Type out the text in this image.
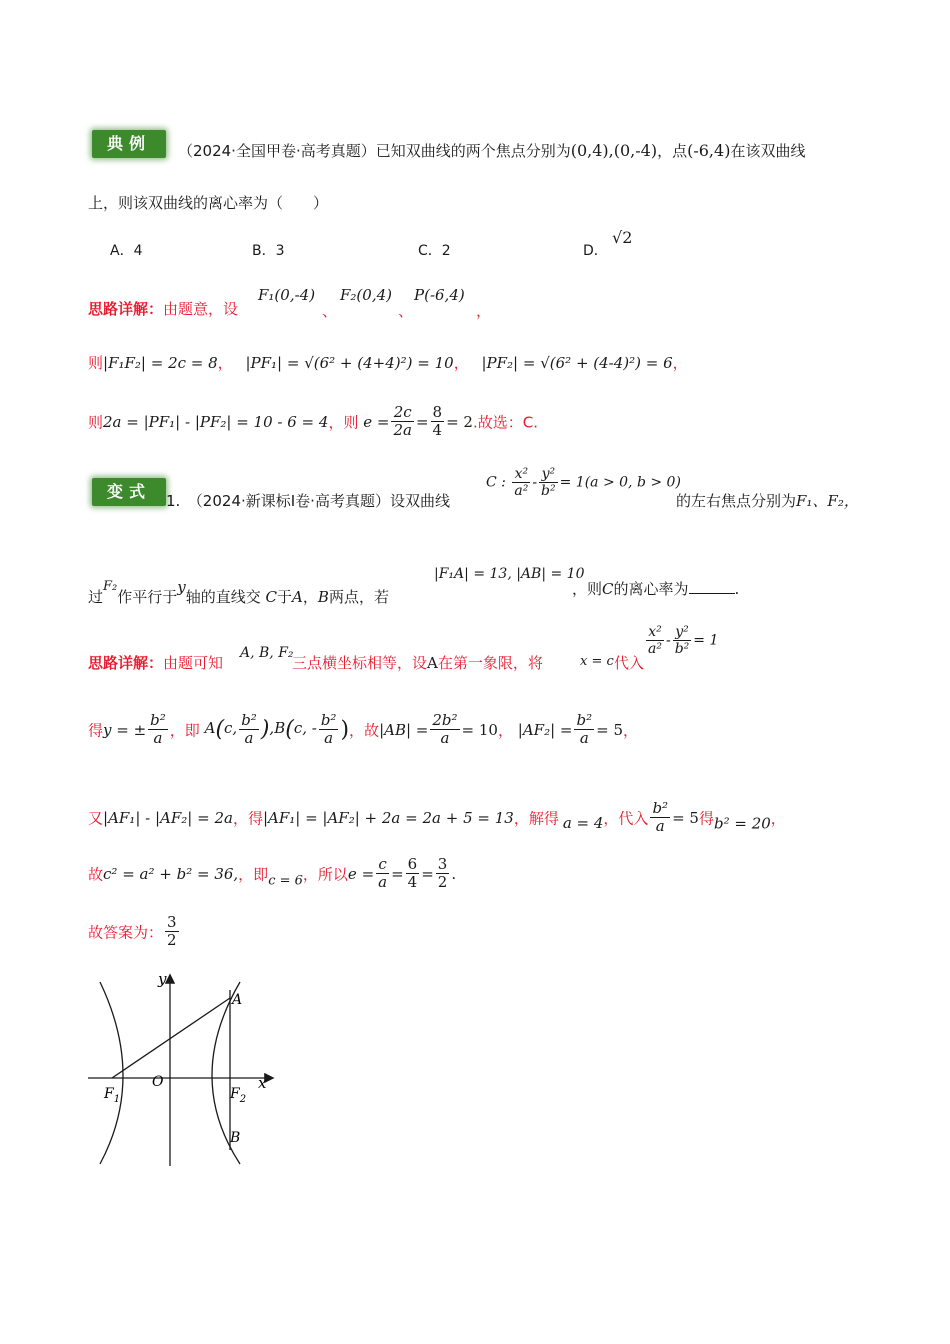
典例	（2024·全国甲卷·高考真题）已知双曲线的两个焦点分别为(0,4),(0,-4)，点(-6,4)在该双曲线
上，则该双曲线的离心率为（　　）
A．4	B．3	C．2	D．
√2
思路详解：由题意，设
F₁(0,-4)
、
F₂(0,4)
、
P(-6,4)
，
则|F₁F₂| = 2c = 8， |PF₁| = √(6² + (4+4)²) = 10， |PF₂| = √(6² + (4-4)²) = 6，
则2a = |PF₁| - |PF₂| = 10 - 6 = 4，则 $e = \frac{2c}{2a} = \frac{8}{4} = 2$.故选：C.
变式	1.　（2024·新课标Ⅰ卷·高考真题）设双曲线
C : $\frac{\text{x²}}{\text{a²}} - \frac{\text{y²}}{\text{b²}} = 1(a > 0$, b > 0)
的左右焦点分别为F₁、F₂，
过F₂作平行于y轴的直线交 C于A，B两点，若
|F₁A| = 13, |AB| = 10
，则C的离心率为	.
思路详解：由题可知
A, B, F₂
三点横坐标相等，设A在第一象限，将	x = c 代入
$\frac{\text{x²}}{\text{a²}} - \frac{\text{y²}}{\text{b²}} = 1$
得y = ± $\frac{\text{b²}}{a}$ ，即 A(c, $\frac{\text{b²}}{a} ),B(c$, - $\frac{\text{b²}}{a}$ )，故$|AB| = \frac{\text{2b²}}{a} = 10$， $|AF_2| = \frac{\text{b²}}{a} = 5$，
又|AF₁| - |AF₂| = 2a，得|AF₁| = |AF₂| + 2a = 2a + 5 = 13，解得 a = 4，代入 $\frac{\text{b²}}{a} = 5$得b² = 20，
故c² = a² + b² = 36,，即c = 6，所以$e = \frac{c}{a} = \frac{6}{4} = \frac{3}{2}$ .
故答案为： $\frac{3}{2}$
y
x
O
A
B
$F_1$	$F_2$
